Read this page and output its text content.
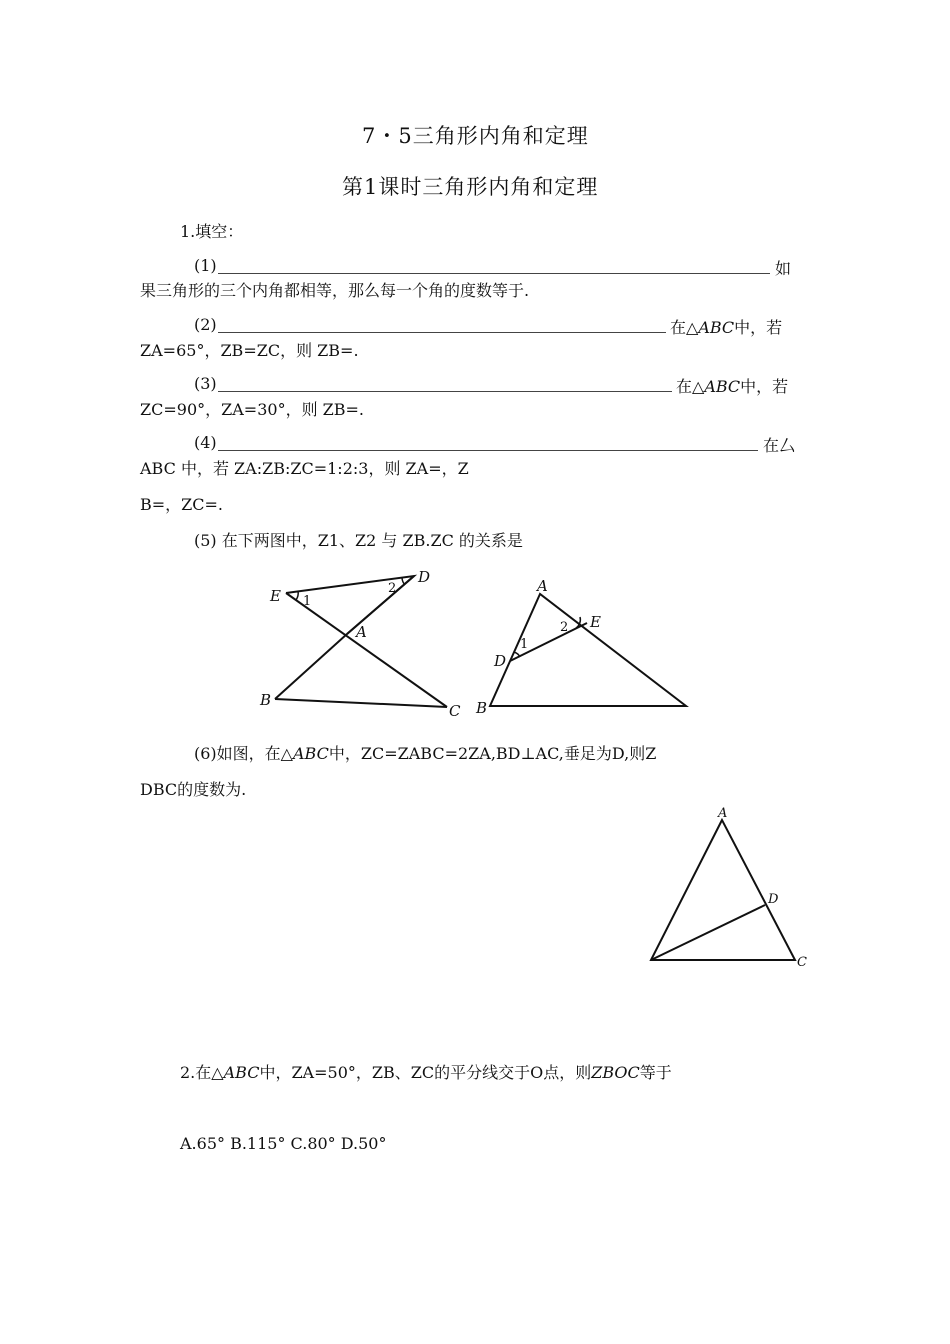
7・5三角形内角和定理
第1课时三角形内角和定理
1.填空：
(1)	如
果三角形的三个内角都相等，那么每一个角的度数等于.
(2)	在△ABC中，若
ZA=65°，ZB=ZC，则 ZB=.
(3)	在△ABC中，若
ZC=90°，ZA=30°，则 ZB=.
(4)	在厶
ABC 中，若 ZA:ZB:ZC=1:2:3，则 ZA=，Z
B=，ZC=.
(5) 在下两图中，Z1、Z2 与 ZB.ZC 的关系是
E
D
A
B
C
1
2	A
E
D
B
1
2
(6)如图，在△ABC中，ZC=ZABC=2ZA,BD⊥AC,垂足为D,则Z
DBC的度数为.
A
D
C
2.在△ABC中，ZA=50°，ZB、ZC的平分线交于O点，则ZBOC等于
A.65° B.115° C.80° D.50°
